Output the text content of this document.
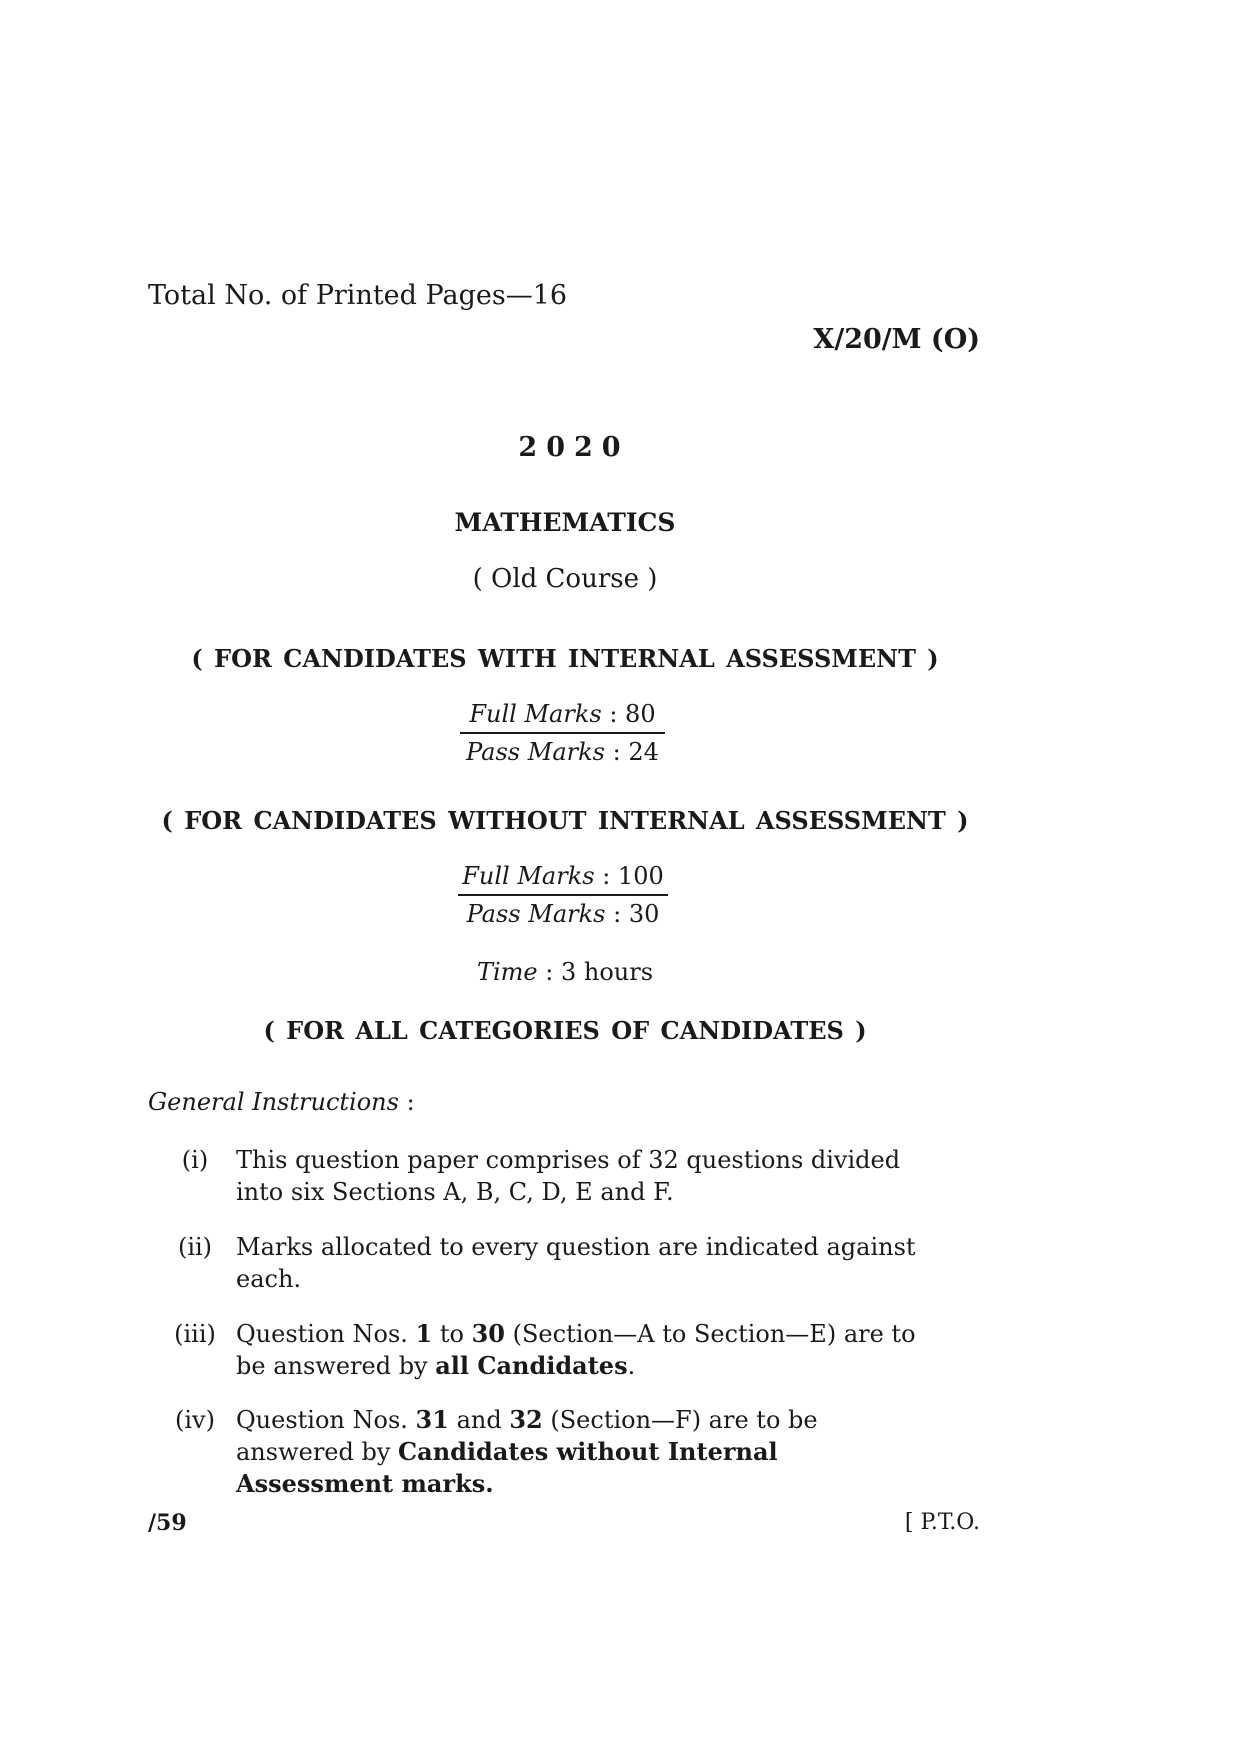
Total No. of Printed Pages—16
X/20/M (O)
2020
MATHEMATICS
( Old Course )
( FOR CANDIDATES WITH INTERNAL ASSESSMENT )
Full Marks : 80
Pass Marks : 24
( FOR CANDIDATES WITHOUT INTERNAL ASSESSMENT )
Full Marks : 100
Pass Marks : 30
Time : 3 hours
( FOR ALL CATEGORIES OF CANDIDATES )
General Instructions :
(i)	This question paper comprises of 32 questions divided into six Sections A, B, C, D, E and F.
(ii) Marks allocated to every question are indicated against each.
(iii) Question Nos. 1 to 30 (Section—A to Section—E) are to be answered by all Candidates.
(iv) Question Nos. 31 and 32 (Section—F) are to be answered by Candidates without Internal Assessment marks.
/59	[ P.T.O.
